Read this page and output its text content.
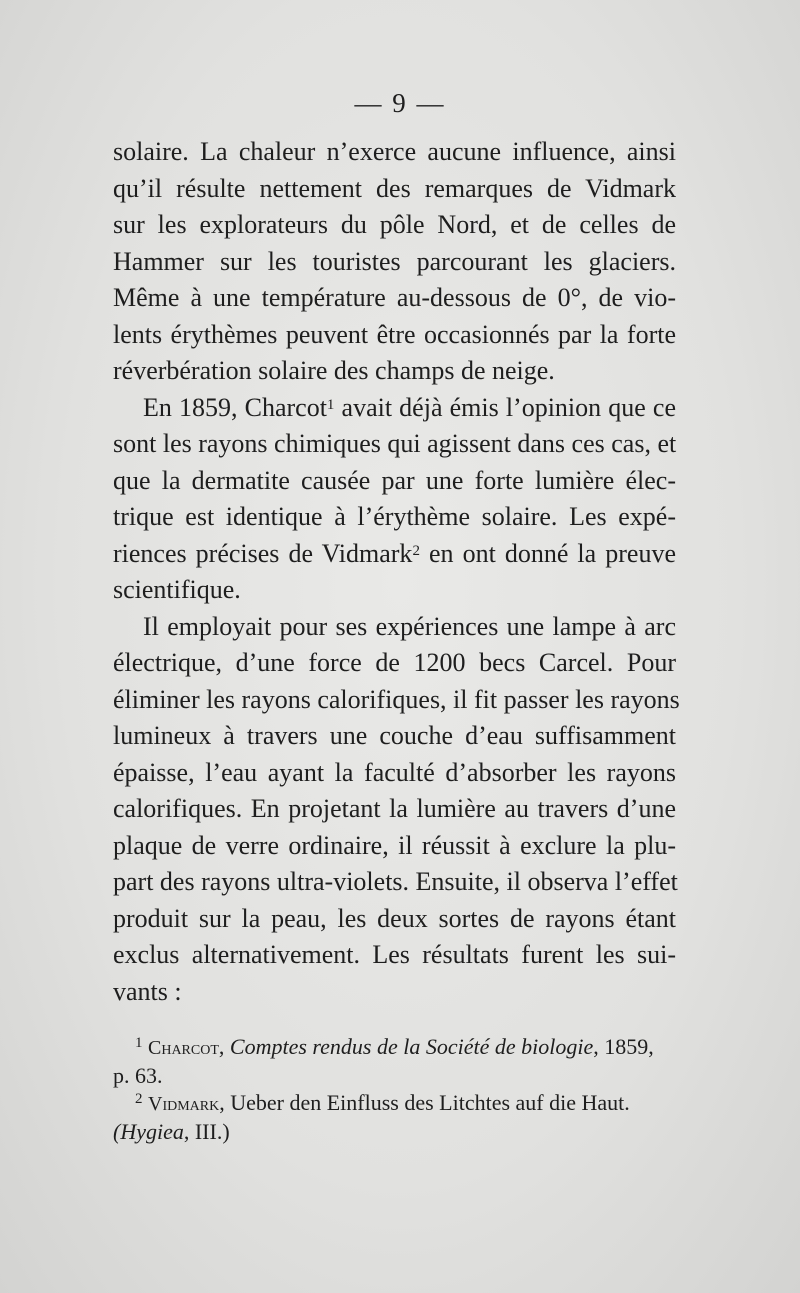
— 9 —
solaire. La chaleur n’exerce aucune influence, ainsi
qu’il résulte nettement des remarques de Vidmark
sur les explorateurs du pôle Nord, et de celles de
Hammer sur les touristes parcourant les glaciers.
Même à une température au-dessous de 0°, de vio-
lents érythèmes peuvent être occasionnés par la forte
réverbération solaire des champs de neige.
En 1859, Charcot$^1$ avait déjà émis l’opinion que ce
sont les rayons chimiques qui agissent dans ces cas, et
que la dermatite causée par une forte lumière élec-
trique est identique à l’érythème solaire. Les expé-
riences précises de Vidmark$^2$ en ont donné la preuve
scientifique.
Il employait pour ses expériences une lampe à arc
électrique, d’une force de 1200 becs Carcel. Pour
éliminer les rayons calorifiques, il fit passer les rayons
lumineux à travers une couche d’eau suffisamment
épaisse, l’eau ayant la faculté d’absorber les rayons
calorifiques. En projetant la lumière au travers d’une
plaque de verre ordinaire, il réussit à exclure la plu-
part des rayons ultra-violets. Ensuite, il observa l’effet
produit sur la peau, les deux sortes de rayons étant
exclus alternativement. Les résultats furent les sui-
vants :
$^1$ Charcot, Comptes rendus de la Société de biologie, 1859,
p. 63.
$^2$ Vidmark, Ueber den Einfluss des Litchtes auf die Haut.
(Hygiea, III.)
